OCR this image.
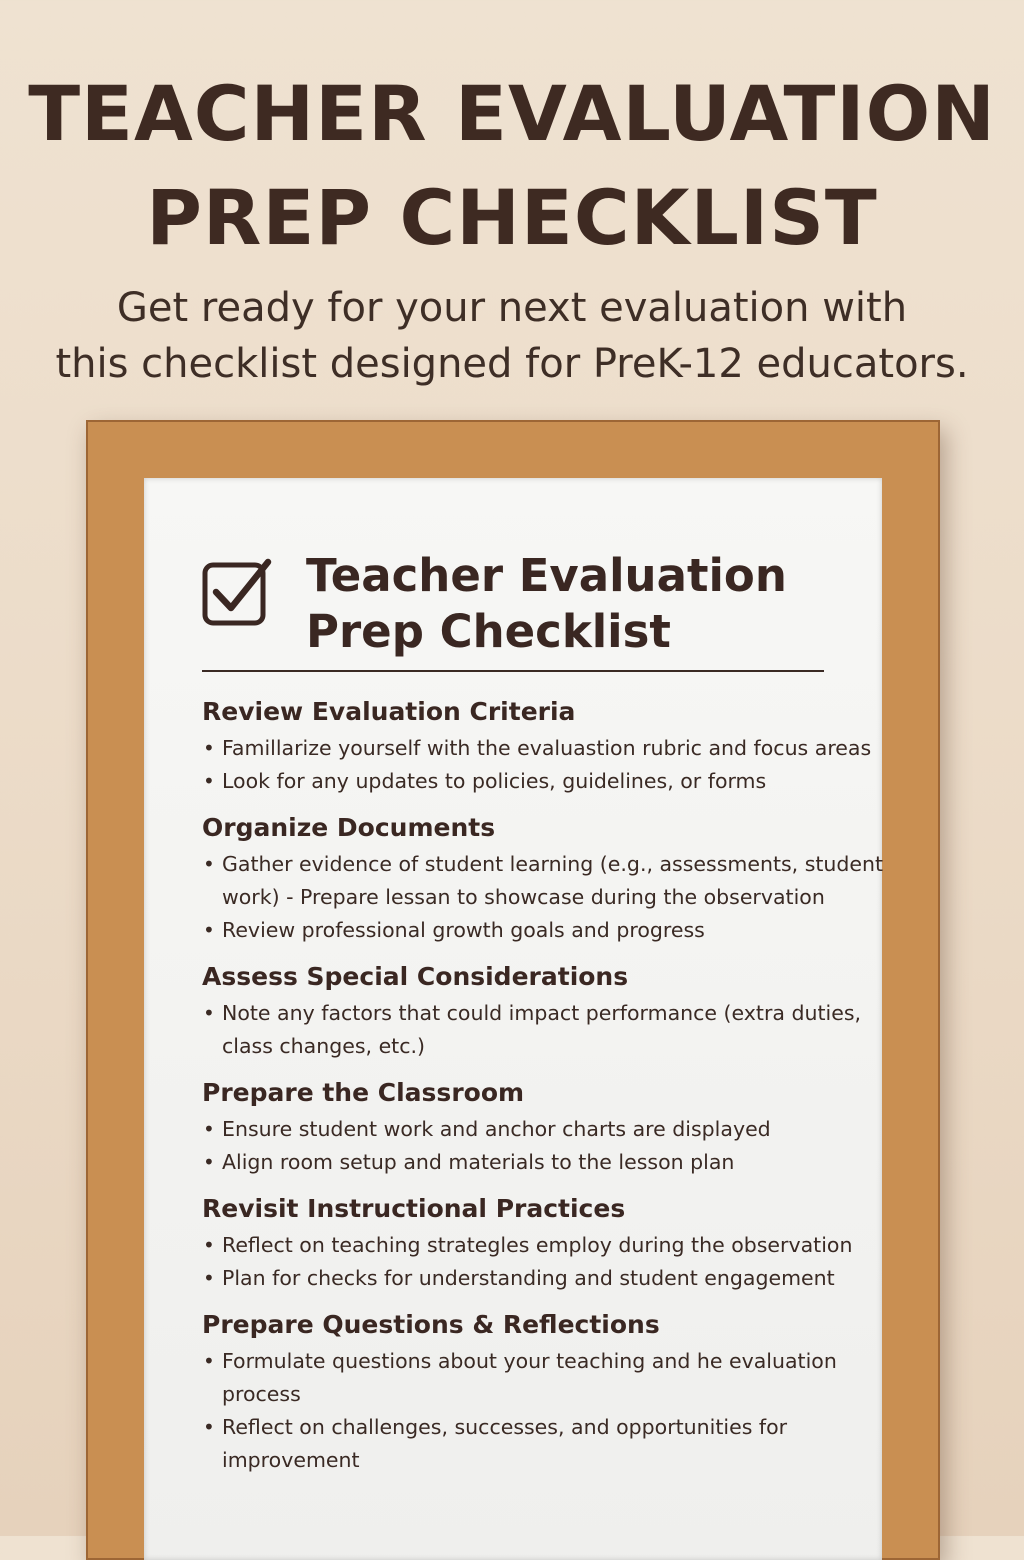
TEACHER EVALUATION
PREP CHECKLIST

Get ready for your next evaluation with
this checklist designed for PreK-12 educators.

Teacher Evaluation
Prep Checklist
Review Evaluation Criteria
• Famillarize yourself with the evaluastion rubric and focus areas
• Look for any updates to policies, guidelines, or forms
Organize Documents
• Gather evidence of student learning (e.g., assessments, student work) - Prepare lessan to showcase during the observation
• Review professional growth goals and progress
Assess Special Considerations
• Note any factors that could impact performance (extra duties, class changes, etc.)
Prepare the Classroom
• Ensure student work and anchor charts are displayed
• Align room setup and materials to the lesson plan
Revisit Instructional Practices
• Reflect on teaching strategles employ during the observation
• Plan for checks for understanding and student engagement
Prepare Questions & Reflections
• Formulate questions about your teaching and he evaluation process
• Reflect on challenges, successes, and opportunities for improvement
